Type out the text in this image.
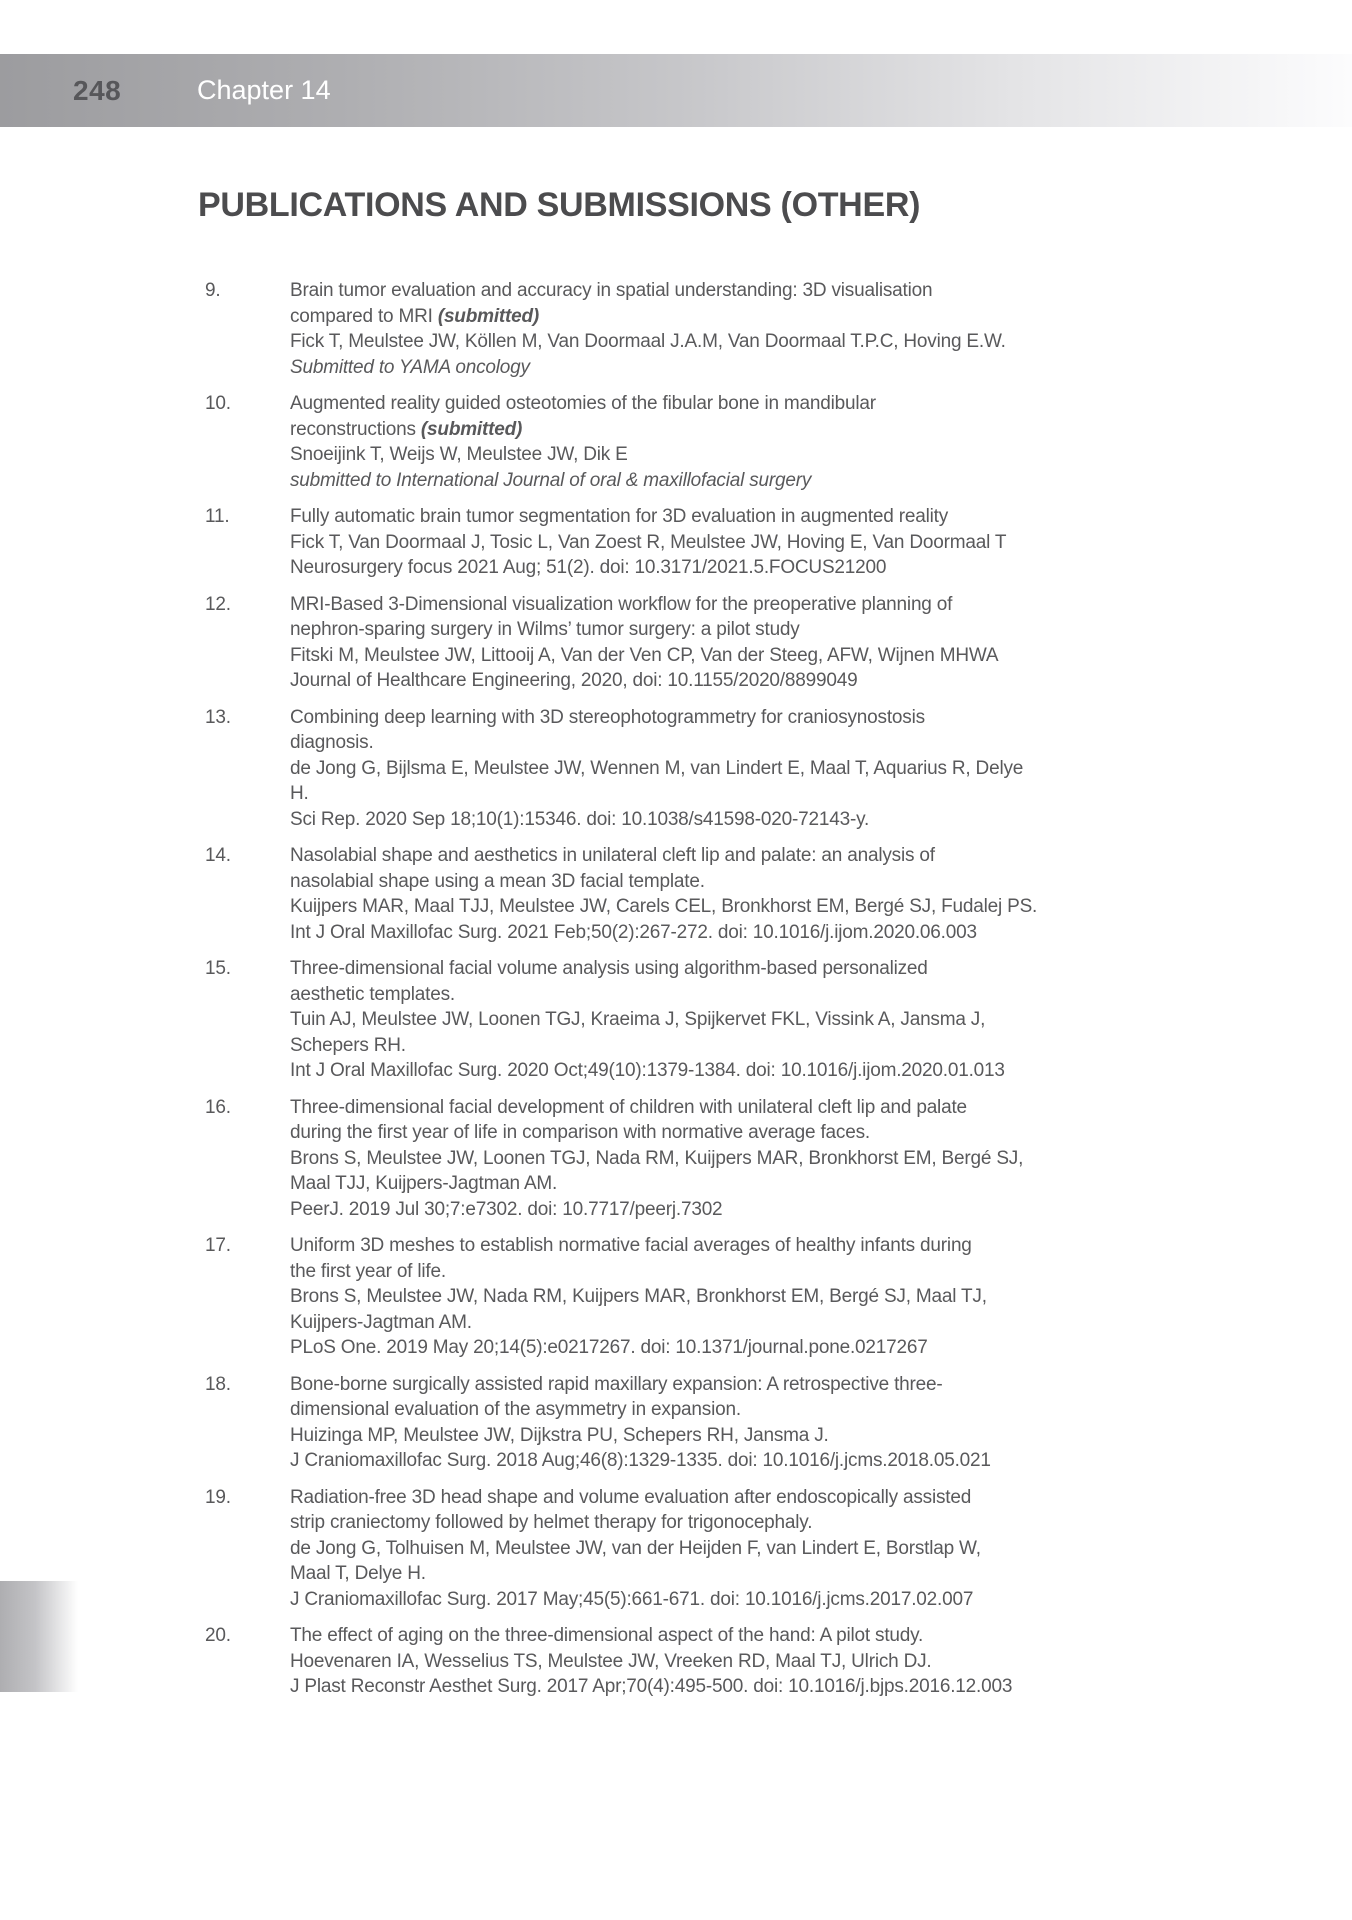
248	Chapter 14
PUBLICATIONS AND SUBMISSIONS (OTHER)
9.	Brain tumor evaluation and accuracy in spatial understanding: 3D visualisation
compared to MRI (submitted)
Fick T, Meulstee JW, Köllen M, Van Doormaal J.A.M, Van Doormaal T.P.C, Hoving E.W.
Submitted to YAMA oncology
10.	Augmented reality guided osteotomies of the fibular bone in mandibular
reconstructions (submitted)
Snoeijink T, Weijs W, Meulstee JW, Dik E
submitted to International Journal of oral & maxillofacial surgery
11.	Fully automatic brain tumor segmentation for 3D evaluation in augmented reality
Fick T, Van Doormaal J, Tosic L, Van Zoest R, Meulstee JW, Hoving E, Van Doormaal T
Neurosurgery focus 2021 Aug; 51(2). doi: 10.3171/2021.5.FOCUS21200
12.	MRI-Based 3-Dimensional visualization workflow for the preoperative planning of
nephron-sparing surgery in Wilms’ tumor surgery: a pilot study
Fitski M, Meulstee JW, Littooij A, Van der Ven CP, Van der Steeg, AFW, Wijnen MHWA
Journal of Healthcare Engineering, 2020, doi: 10.1155/2020/8899049
13.	Combining deep learning with 3D stereophotogrammetry for craniosynostosis
diagnosis.
de Jong G, Bijlsma E, Meulstee JW, Wennen M, van Lindert E, Maal T, Aquarius R, Delye
H.
Sci Rep. 2020 Sep 18;10(1):15346. doi: 10.1038/s41598-020-72143-y.
14.	Nasolabial shape and aesthetics in unilateral cleft lip and palate: an analysis of
nasolabial shape using a mean 3D facial template.
Kuijpers MAR, Maal TJJ, Meulstee JW, Carels CEL, Bronkhorst EM, Bergé SJ, Fudalej PS.
Int J Oral Maxillofac Surg. 2021 Feb;50(2):267-272. doi: 10.1016/j.ijom.2020.06.003
15.	Three-dimensional facial volume analysis using algorithm-based personalized
aesthetic templates.
Tuin AJ, Meulstee JW, Loonen TGJ, Kraeima J, Spijkervet FKL, Vissink A, Jansma J,
Schepers RH.
Int J Oral Maxillofac Surg. 2020 Oct;49(10):1379-1384. doi: 10.1016/j.ijom.2020.01.013
16.	Three-dimensional facial development of children with unilateral cleft lip and palate
during the first year of life in comparison with normative average faces.
Brons S, Meulstee JW, Loonen TGJ, Nada RM, Kuijpers MAR, Bronkhorst EM, Bergé SJ,
Maal TJJ, Kuijpers-Jagtman AM.
PeerJ. 2019 Jul 30;7:e7302. doi: 10.7717/peerj.7302
17.	Uniform 3D meshes to establish normative facial averages of healthy infants during
the first year of life.
Brons S, Meulstee JW, Nada RM, Kuijpers MAR, Bronkhorst EM, Bergé SJ, Maal TJ,
Kuijpers-Jagtman AM.
PLoS One. 2019 May 20;14(5):e0217267. doi: 10.1371/journal.pone.0217267
18.	Bone-borne surgically assisted rapid maxillary expansion: A retrospective three-
dimensional evaluation of the asymmetry in expansion.
Huizinga MP, Meulstee JW, Dijkstra PU, Schepers RH, Jansma J.
J Craniomaxillofac Surg. 2018 Aug;46(8):1329-1335. doi: 10.1016/j.jcms.2018.05.021
19.	Radiation-free 3D head shape and volume evaluation after endoscopically assisted
strip craniectomy followed by helmet therapy for trigonocephaly.
de Jong G, Tolhuisen M, Meulstee JW, van der Heijden F, van Lindert E, Borstlap W,
Maal T, Delye H.
J Craniomaxillofac Surg. 2017 May;45(5):661-671. doi: 10.1016/j.jcms.2017.02.007
20.	The effect of aging on the three-dimensional aspect of the hand: A pilot study.
Hoevenaren IA, Wesselius TS, Meulstee JW, Vreeken RD, Maal TJ, Ulrich DJ.
J Plast Reconstr Aesthet Surg. 2017 Apr;70(4):495-500. doi: 10.1016/j.bjps.2016.12.003
